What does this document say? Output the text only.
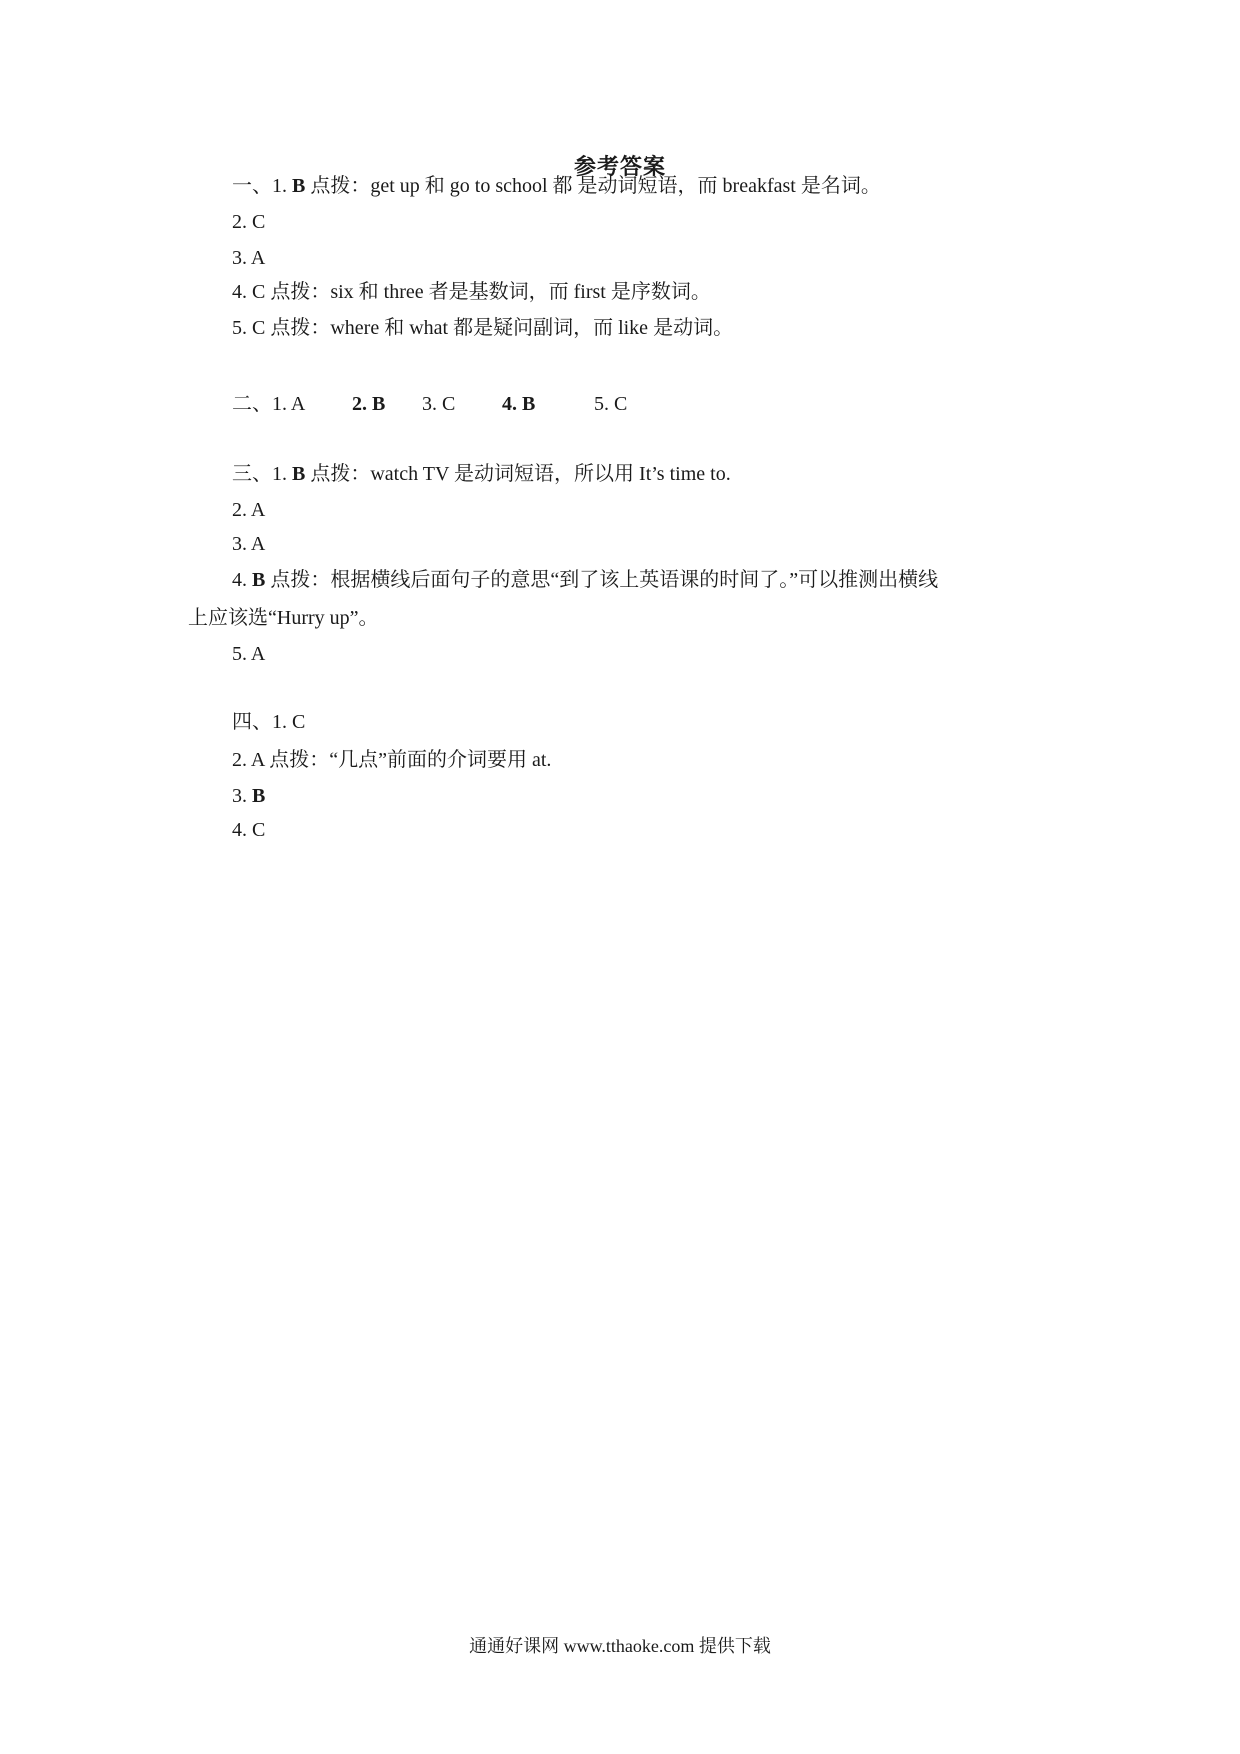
参考答案
一、1. B 点拨：get up 和 go to school 都 是动词短语，而 breakfast 是名词。
2. C
3. A
4. C 点拨：six 和 three 者是基数词，而 first 是序数词。
5. C 点拨：where 和 what 都是疑问副词，而 like 是动词。
二、1. A 2. B 3. C 4. B	5. C
三、1. B 点拨：watch TV 是动词短语，所以用 It’s time to.
2. A
3. A
4. B 点拨：根据横线后面句子的意思“到了该上英语课的时间了。”可以推测出横线
上应该选“Hurry up”。
5. A
四、1. C
2. A 点拨：“几点”前面的介词要用 at.
3. B
4. C
通通好课网 www.tthaoke.com 提供下载
